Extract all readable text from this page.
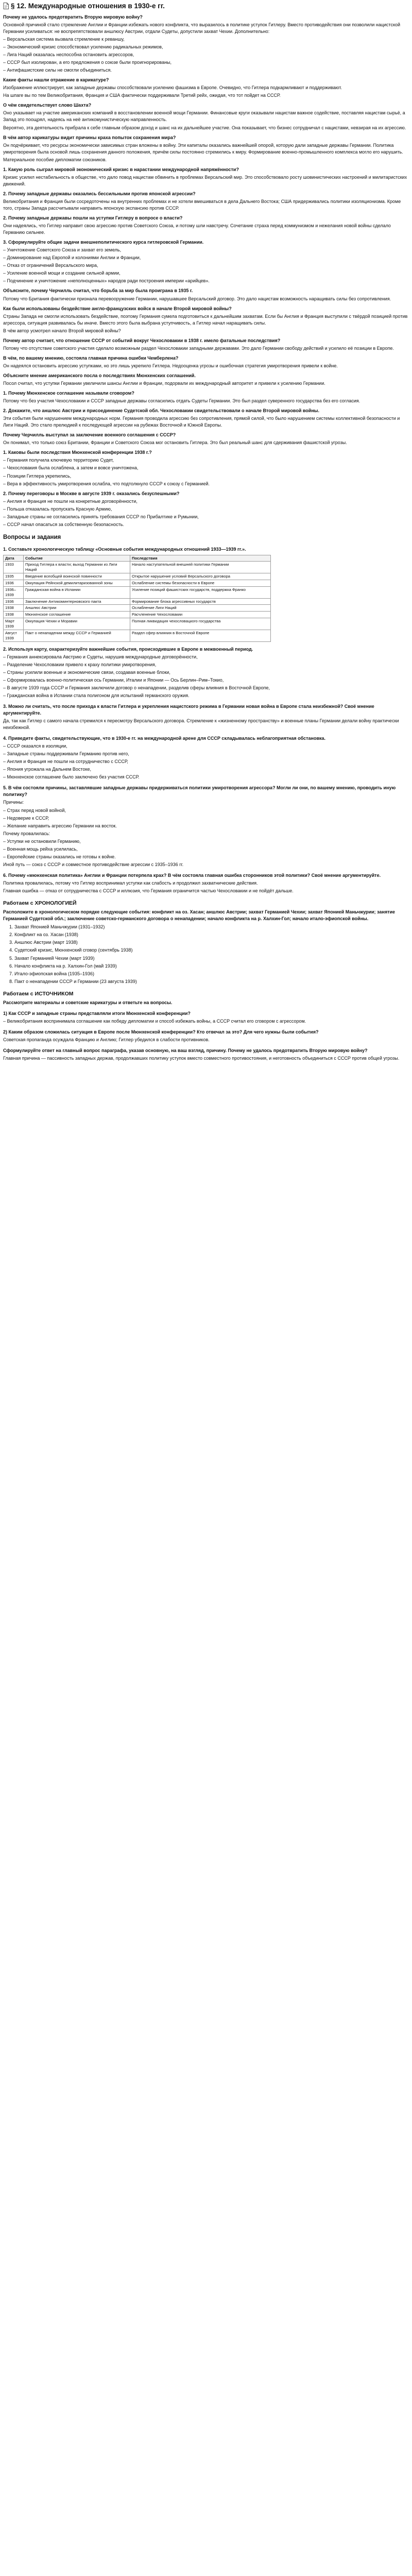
§ 12. Международные отношения в 1930-е гг.

Почему не удалось предотвратить Вторую мировую войну?

Основной причиной стало стремление Англии и Франции избежать нового конфликта, что выразилось в политике уступок Гитлеру. Вместо противодействия они позволили нацистской Германии усиливаться: не воспрепятствовали аншлюсу Австрии, отдали Судеты, допустили захват Чехии. Дополнительно:

– Версальская система вызвала стремление к реваншу,

– Экономический кризис способствовал усилению радикальных режимов,

– Лига Наций оказалась неспособна остановить агрессоров,

– СССР был изолирован, а его предложения о союзе были проигнорированы,

– Антифашистские силы не смогли объединиться.

Какие факты нашли отражение в карикатуре?

Изображение иллюстрирует, как западные державы способствовали усилению фашизма в Европе. Очевидно, что Гитлера подкармливают и поддерживают.

На шпаге вы по тем Великобритания, Франция и США фактически поддерживали Третий рейх, ожидая, что тот пойдет на СССР.

О чём свидетельствует слово Шахта?

Оно указывает на участие американских компаний в восстановлении военной мощи Германии. Финансовые круги оказывали нацистам важное содействие, поставляя нацистам сырьё, а Запад это поощрял, надеясь на неё антикомунистическую направленность.

Вероятно, эта деятельность прибрала к себе главным образом доход и шанс на их дальнейшее участие. Она показывает, что бизнес сотрудничал с нацистами, невзирая на их агрессию.

В чём автор карикатуры видит причины краха попыток сохранения мира?

Он подчёркивает, что ресурсы экономически зависимых стран вложены в войну. Эти капиталы оказались важнейшей опорой, которую дали западные державы Германии. Политика умиротворения была основой лишь сохранения данного положения, причём силы постоянно стремились к миру. Формирование военно-промышленного комплекса могло его нарушить.

Материальное пособие дипломатии союзников.

1. Какую роль сыграл мировой экономический кризис в нарастании международной напряжённости?

Кризис усилил нестабильность в обществе, что дало повод нацистам обвинить в проблемах Версальский мир. Это способствовало росту шовинистических настроений и милитаристских движений.

2. Почему западные державы оказались бессильными против японской агрессии?

Великобритания и Франция были сосредоточены на внутренних проблемах и не хотели вмешиваться в дела Дальнего Востока; США придерживались политики изоляционизма. Кроме того, страны Запада рассчитывали направить японскую экспансию против СССР.

2. Почему западные державы пошли на уступки Гитлеру в вопросе о власти?

Они надеялись, что Гитлер направит свою агрессию против Советского Союза, и потому шли навстречу. Сочетание страха перед коммунизмом и нежелания новой войны сделало Германию сильнее.

3. Сформулируйте общие задачи внешнеполитического курса гитлеровской Германии.

– Уничтожение Советского Союза и захват его земель,

– Доминирование над Европой и колониями Англии и Франции,

– Отказ от ограничений Версальского мира,

– Усиление военной мощи и создание сильной армии,

– Подчинение и уничтожение «неполноценных» народов ради построения империи «арийцев».

Объясните, почему Черчилль считал, что борьба за мир была проиграна в 1935 г.

Потому что Британия фактически признала перевооружение Германии, нарушавшее Версальский договор. Это дало нацистам возможность наращивать силы без сопротивления.

Как были использованы бездействие англо-французских войск в начале Второй мировой войны?

Страны Запада не смогли использовать бездействие, поэтому Германия сумела подготовиться к дальнейшим захватам. Если бы Англия и Франция выступили с твёрдой позицией против агрессора, ситуация развивалась бы иначе. Вместо этого была выбрана уступчивость, а Гитлер начал наращивать силы.

В чём автор усмотрел начало Второй мировой войны?

Почему автор считает, что отношение СССР от событий вокруг Чехословакии в 1938 г. имело фатальные последствия?

Потому что отсутствие советского участия сделало возможным раздел Чехословакии западными державами. Это дало Германии свободу действий и усилило её позиции в Европе.

В чём, по вашему мнению, состояла главная причина ошибки Чемберлена?

Он надеялся остановить агрессию уступками, но это лишь укрепило Гитлера. Недооценка угрозы и ошибочная стратегия умиротворения привели к войне.

Объясните мнение американского посла о последствиях Мюнхенских соглашений.

Посол считал, что уступки Германии увеличили шансы Англии и Франции, подорвали их международный авторитет и привели к усилению Германии.

1. Почему Мюнхенское соглашение называли сговором?

Потому что без участия Чехословакии и СССР западные державы согласились отдать Судеты Германии. Это был раздел суверенного государства без его согласия.

2. Докажите, что аншлюс Австрии и присоединение Судетской обл. Чехословакии свидетельствовали о начале Второй мировой войны.

Эти события были нарушением международных норм. Германия проводила агрессию без сопротивления, прямой силой, что было нарушением системы коллективной безопасности и Лиги Наций. Это стало прелюдией к последующей агрессии на рубежах Восточной и Южной Европы.

Почему Черчилль выступал за заключение военного соглашения с СССР?

Он понимал, что только союз Британии, Франции и Советского Союза мог остановить Гитлера. Это был реальный шанс для сдерживания фашистской угрозы.

1. Каковы были последствия Мюнхенской конференции 1938 г.?

– Германия получила ключевую территорию Судет,

– Чехословакия была ослаблена, а затем и вовсе уничтожена,

– Позиции Гитлера укрепились,

– Вера в эффективность умиротворения ослабла, что подтолкнуло СССР к союзу с Германией.

2. Почему переговоры в Москве в августе 1939 г. оказались безуспешными?

– Англия и Франция не пошли на конкретные договорённости,

– Польша отказалась пропускать Красную Армию,

– Западные страны не согласились принять требования СССР по Прибалтике и Румынии,

– СССР начал опасаться за собственную безопасность.

Вопросы и задания

1. Составьте хронологическую таблицу «Основные события международных отношений 1933—1939 гг.».

Дата	Событие	Последствия
1933	Приход Гитлера к власти; выход Германии из Лиги Наций	Начало наступательной внешней политики Германии
1935	Введение всеобщей воинской повинности	Открытое нарушение условий Версальского договора
1936	Оккупация Рейнской демилитаризованной зоны	Ослабление системы безопасности в Европе
1936–1939	Гражданская война в Испании	Усиление позиций фашистских государств, поддержка Франко
1936	Заключение Антикоминтерновского пакта	Формирование блока агрессивных государств
1938	Аншлюс Австрии	Ослабление Лиги Наций
1938	Мюнхенское соглашение	Расчленение Чехословакии
Март 1939	Оккупация Чехии и Моравии	Полная ликвидация чехословацкого государства
Август 1939	Пакт о ненападении между СССР и Германией	Раздел сфер влияния в Восточной Европе

2. Используя карту, охарактеризуйте важнейшие события, происходившие в Европе в межвоенный период.

– Германия аннексировала Австрию и Судеты, нарушив международные договорённости,

– Разделение Чехословакии привело к краху политики умиротворения,

– Страны усилили военные и экономические связи, создавая военные блоки,

– Сформировалась военно-политическая ось Германии, Италии и Японии — Ось Берлин–Рим–Токио,

– В августе 1939 года СССР и Германия заключили договор о ненападении, разделив сферы влияния в Восточной Европе,

– Гражданская война в Испании стала полигоном для испытаний германского оружия.

3. Можно ли считать, что после прихода к власти Гитлера и укрепления нацистского режима в Германии новая война в Европе стала неизбежной? Своё мнение аргументируйте.

Да, так как Гитлер с самого начала стремился к пересмотру Версальского договора. Стремление к «жизненному пространству» и военные планы Германии делали войну практически неизбежной.

4. Приведите факты, свидетельствующие, что в 1930-е гг. на международной арене для СССР складывалась неблагоприятная обстановка.

– СССР оказался в изоляции,

– Западные страны поддерживали Германию против него,

– Англия и Франция не пошли на сотрудничество с СССР,

– Япония угрожала на Дальнем Востоке,

– Мюнхенское соглашение было заключено без участия СССР.

5. В чём состояли причины, заставлявшие западные державы придерживаться политики умиротворения агрессора? Могли ли они, по вашему мнению, проводить иную политику?

Причины:

– Страх перед новой войной,

– Недоверие к СССР,

– Желание направить агрессию Германии на восток.

Почему провалилась:

– Уступки не остановили Германию,

– Военная мощь рейха усилилась,

– Европейские страны оказались не готовы к войне.

Иной путь — союз с СССР и совместное противодействие агрессии с 1935–1936 гг.

6. Почему «мюнхенская политика» Англии и Франции потерпела крах? В чём состояла главная ошибка сторонников этой политики? Своё мнение аргументируйте.

Политика провалилась, потому что Гитлер воспринимал уступки как слабость и продолжил захватнические действия.

Главная ошибка — отказ от сотрудничества с СССР и иллюзия, что Германия ограничится частью Чехословакии и не пойдёт дальше.

Работаем с ХРОНОЛОГИЕЙ

Расположите в хронологическом порядке следующие события: конфликт на оз. Хасан; аншлюс Австрии; захват Германией Чехии; захват Японией Маньчжурии; занятие Германией Судетской обл.; заключение советско-германского договора о ненападении; начало конфликта на р. Халхин-Гол; начало итало-эфиопской войны.

1. Захват Японией Маньчжурии (1931–1932)
2. Конфликт на оз. Хасан (1938)
3. Аншлюс Австрии (март 1938)
4. Судетский кризис, Мюнхенский сговор (сентябрь 1938)
5. Захват Германией Чехии (март 1939)
6. Начало конфликта на р. Халхин-Гол (май 1939)
7. Итало-эфиопская война (1935–1936)
8. Пакт о ненападении СССР и Германии (23 августа 1939)
Работаем с ИСТОЧНИКОМ

Рассмотрите материалы и советские карикатуры и ответьте на вопросы.

1) Как СССР и западные страны представляли итоги Мюнхенской конференции?

– Великобритания воспринимала соглашение как победу дипломатии и способ избежать войны, а СССР считал его сговором с агрессором.

2) Каким образом сложилась ситуация в Европе после Мюнхенской конференции? Кто отвечал за это? Для чего нужны были события?

Советская пропаганда осуждала Францию и Англию; Гитлер убедился в слабости противников.

Сформулируйте ответ на главный вопрос параграфа, указав основную, на ваш взгляд, причину. Почему не удалось предотвратить Вторую мировую войну?

Главная причина — пассивность западных держав, продолжавших политику уступок вместо совместного противостояния, и неготовность объединиться с СССР против общей угрозы.
